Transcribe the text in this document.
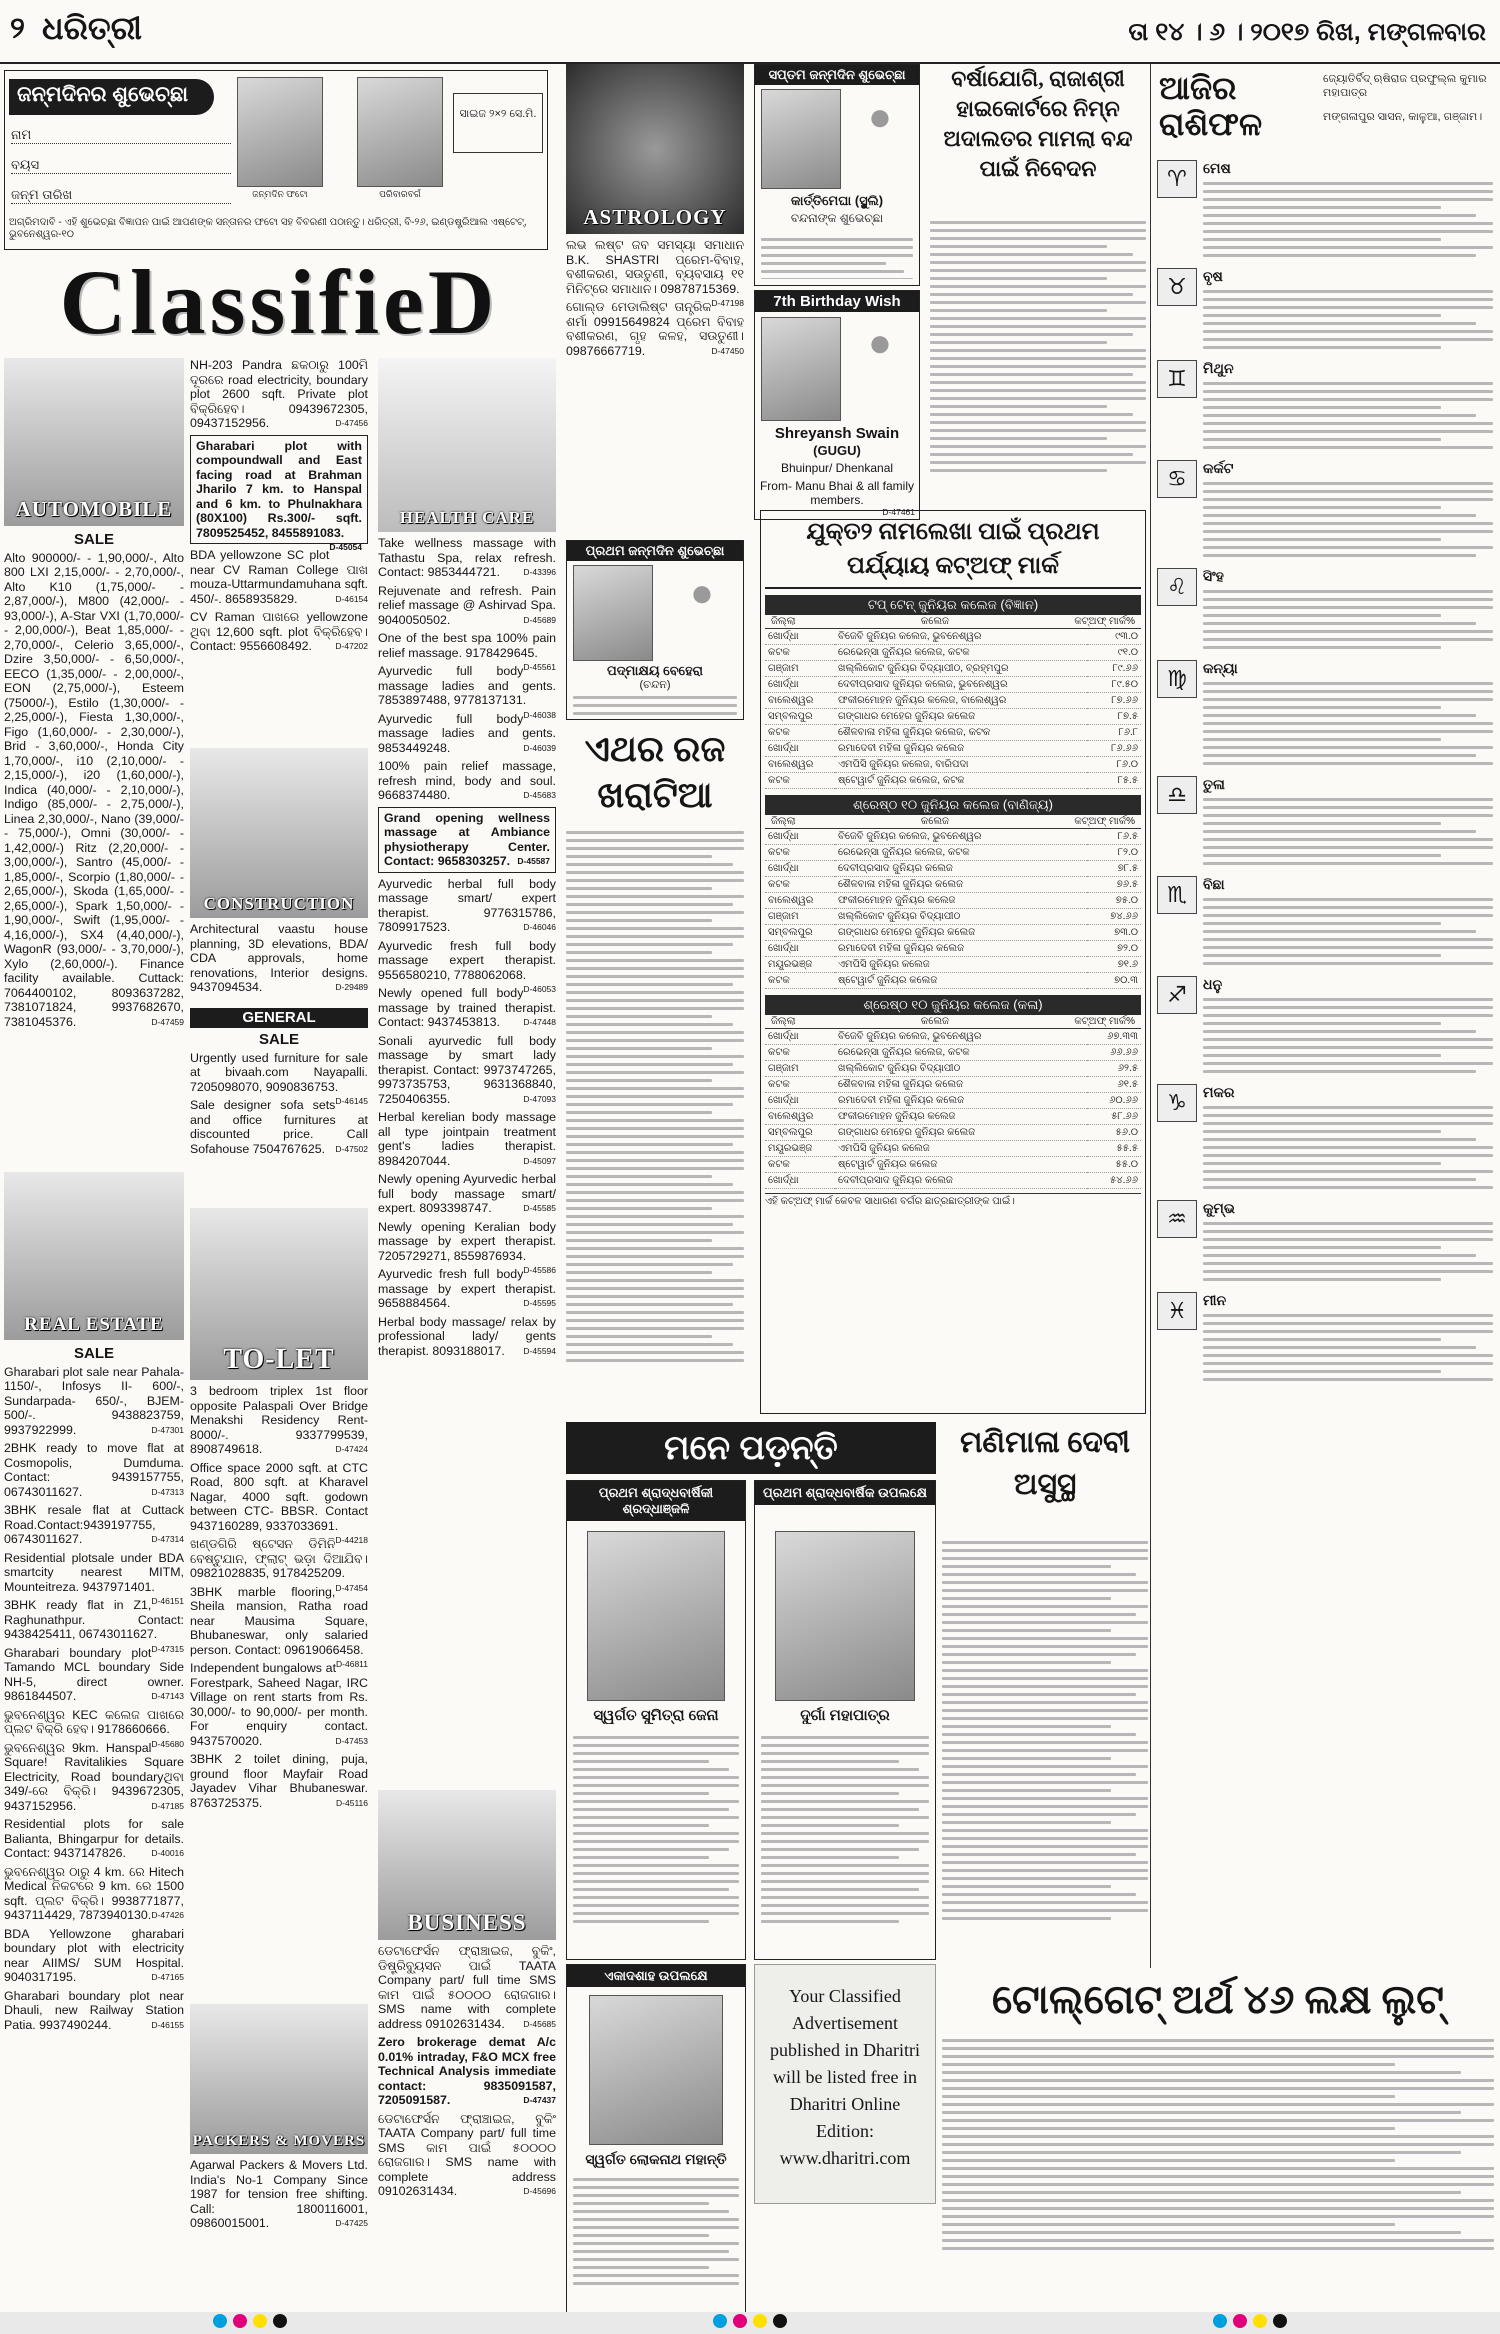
୨ ଧରିତ୍ରୀ	ତା ୧୪ । ୬ । ୨୦୧୭ ରିଖ, ମଙ୍ଗଳବାର
ଜନ୍ମଦିନର ଶୁଭେଚ୍ଛା
ନାମ
ବୟସ
ଜନ୍ମ ତାରିଖ	ଜନ୍ମଦିନ ଫଟୋ	ପରିବାରବର୍ଗ
ସାଇଜ ୨×୨ ସେ.ମି.
ଅଗ୍ରିମଦାବି - ଏହି ଶୁଭେଚ୍ଛା ବିଜ୍ଞାପନ ପାଇଁ ଆପଣଙ୍କ ସନ୍ତାନର ଫଟୋ ସହ ବିବରଣୀ ପଠାନ୍ତୁ। ଧରିତ୍ରୀ, ବି-୨୬, ଇଣ୍ଡଷ୍ଟ୍ରିଆଲ ଏଷ୍ଟେଟ୍, ଭୁବନେଶ୍ୱର-୧୦
ClassifieD
AUTOMOBILE
SALE

Alto 900000/- - 1,90,000/-, Alto 800 LXI 2,15,000/- - 2,70,000/-, Alto K10 (1,75,000/- - 2,87,000/-), M800 (42,000/- - 93,000/-), A-Star VXI (1,70,000/- - 2,00,000/-), Beat 1,85,000/- - 2,70,000/-, Celerio 3,65,000/-, Dzire 3,50,000/- - 6,50,000/-, EECO (1,35,000/- - 2,00,000/-, EON (2,75,000/-), Esteem (75000/-), Estilo (1,30,000/- - 2,25,000/-), Fiesta 1,30,000/-, Figo (1,60,000/- - 2,30,000/-), Brid - 3,60,000/-, Honda City 1,70,000/-, i10 (2,10,000/- - 2,15,000/-), i20 (1,60,000/-), Indica (40,000/- - 2,10,000/-), Indigo (85,000/- - 2,75,000/-), Linea 2,30,000/-, Nano (39,000/- - 75,000/-), Omni (30,000/- - 1,42,000/-) Ritz (2,20,000/- - 3,00,000/-), Santro (45,000/- - 1,85,000/-, Scorpio (1,80,000/- - 2,65,000/-), Skoda (1,65,000/- - 2,65,000/-), Spark 1,50,000/- - 1,90,000/-, Swift (1,95,000/- - 4,16,000/-), SX4 (4,40,000/-), WagonR (93,000/- - 3,70,000/-), Xylo (2,60,000/-). Finance facility available. Cuttack: 7064400102, 8093637282, 7381071824, 9937682670, 7381045376.	D-47459

REAL ESTATE
SALE

Gharabari plot sale near Pahala- 1150/-, Infosys II- 600/-, Sundarpada- 650/-, BJEM- 500/-. 9438823759, 9937922999.	D-47301

2BHK ready to move flat at Cosmopolis, Dumduma. Contact: 9439157755, 06743011627.	D-47313

3BHK resale flat at Cuttack Road.Contact:9439197755, 06743011627.	D-47314

Residential plotsale under BDA smartcity nearest MITM, Mounteitreza. 9437971401.
D-46151

3BHK ready flat in Z1, Raghunathpur. Contact: 9438425411, 06743011627.
D-47315

Gharabari boundary plot Tamando MCL boundary Side NH-5, direct owner. 9861844507.	D-47143

ଭୁବନେଶ୍ୱର KEC କଲେଜ ପାଖରେ ପ୍ଲଟ ବିକ୍ରି ହେବ। 9178660666.
D-45680

ଭୁବନେଶ୍ୱର 9km. Hanspal Square! Ravitalikies Square Electricity, Road boundaryଥିବା 349/-ରେ ବିକ୍ରି। 9439672305, 9437152956.	D-47185

Residential plots for sale Balianta, Bhingarpur for details. Contact: 9437147826.	D-40016

ଭୁବନେଶ୍ୱର ଠାରୁ 4 km. ରେ Hitech Medical ନିକଟରେ 9 km. ରେ 1500 sqft. ପ୍ଲଟ ବିକ୍ରି। 9938771877, 9437114429, 7873940130. D-47426

BDA Yellowzone gharabari boundary plot with electricity near AIIMS/ SUM Hospital. 9040317195.	D-47165

Gharabari boundary plot near Dhauli, new Railway Station Patia. 9937490244.	D-46155

NH-203 Pandra ଛକଠାରୁ 100ମି ଦୂରରେ road electricity, boundary plot 2600 sqft. Private plot ବିକ୍ରିହେବ। 09439672305, 09437152956.	D-47456

Gharabari plot with compoundwall and East facing road at Brahman Jharilo 7 km. to Hanspal and 6 km. to Phulnakhara (80X100) Rs.300/- sqft. 7809525452, 8455891083.
D-45054

BDA yellowzone SC plot near CV Raman College ପାଖ mouza-Uttarmundamuhana sqft. 450/-. 8658935829.	D-46154

CV Raman ପାଖରେ yellowzone ଥିବା 12,600 sqft. plot ବିକ୍ରିହେବ। Contact: 9556608492.	D-47202

CONSTRUCTION

Architectural vaastu house planning, 3D elevations, BDA/ CDA approvals, home renovations, Interior designs. 9437094534.	D-29489

GENERAL
SALE

Urgently used furniture for sale at bivaah.com Nayapalli. 7205098070, 9090836753.
D-46145

Sale designer sofa sets and office furnitures at discounted price. Call Sofahouse 7504767625. D-47502

TO-LET

3 bedroom triplex 1st floor opposite Palaspali Over Bridge Menakshi Residency Rent-8000/-. 9337799539, 8908749618.	D-47424

Office space 2000 sqft. at CTC Road, 800 sqft. at Kharavel Nagar, 4000 sqft. godown between CTC- BBSR. Contact 9437160289, 9337033691.
D-44218

ଖଣ୍ଡଗିରି ଷ୍ଟେସନ ଡିମିନି ବେଷ୍ଟୁଯାନ, ଫ୍ଲାଟ୍ ଭଡ଼ା ଦିଆଯିବ। 09821028835, 9178425209.
D-47454

3BHK marble flooring, Sheila mansion, Ratha road near Mausima Square, Bhubaneswar, only salaried person. Contact: 09619066458.
D-46811

Independent bungalows at Forestpark, Saheed Nagar, IRC Village on rent starts from Rs. 30,000/- to 90,000/- per month. For enquiry contact. 9437570020.	D-47453

3BHK 2 toilet dining, puja, ground floor Mayfair Road Jayadev Vihar Bhubaneswar. 8763725375.	D-45116

PACKERS & MOVERS

Agarwal Packers & Movers Ltd. India's No-1 Company Since 1987 for tension free shifting. Call: 1800116001, 09860015001.	D-47425

HEALTH CARE

Take wellness massage with Tathastu Spa, relax refresh. Contact: 9853444721.	D-43396

Rejuvenate and refresh. Pain relief massage @ Ashirvad Spa. 9040050502.	D-45689

One of the best spa 100% pain relief massage. 9178429645.
D-45561

Ayurvedic full body massage ladies and gents. 7853897488, 9778137131.
D-46038

Ayurvedic full body massage ladies and gents. 9853449248.	D-46039

100% pain relief massage, refresh mind, body and soul. 9668374480.	D-45683

Grand opening wellness massage at Ambiance physiotherapy Center. Contact: 9658303257. D-45587

Ayurvedic herbal full body massage smart/ expert therapist. 9776315786, 7809917523.	D-46046

Ayurvedic fresh full body massage expert therapist. 9556580210, 7788062068.
D-46053

Newly opened full body massage by trained therapist. Contact: 9437453813.	D-47448

Sonali ayurvedic full body massage by smart lady therapist. Contact: 9973747265, 9973735753, 9631368840, 7250406355.	D-47093

Herbal kerelian body massage all type jointpain treatment gent's ladies therapist. 8984207044.	D-45097

Newly opening Ayurvedic herbal full body massage smart/ expert. 8093398747.	D-45585

Newly opening Keralian body massage by expert therapist. 7205729271, 8559876934.
D-45586

Ayurvedic fresh full body massage by expert therapist. 9658884564.	D-45595

Herbal body massage/ relax by professional lady/ gents therapist. 8093188017. D-45594

BUSINESS

ଡେଟାଫେର୍ସନ ଫ୍ରାଞ୍ଚାଇଜ, ବୁକିଂ, ଡିଷ୍ଟ୍ରିବ୍ୟୁସନ ପାଇଁ TAATA Company part/ full time SMS କାମ ପାଇଁ ୫୦୦୦୦ ରୋଜଗାର। SMS name with complete address 09102631434. D-45685

Zero brokerage demat A/c 0.01% intraday, F&O MCX free Technical Analysis immediate contact: 9835091587, 7205091587.	D-47437

ଡେଟାଫେର୍ସନ ଫ୍ରାଞ୍ଚାଇଜ, ବୁକିଂ TAATA Company part/ full time SMS କାମ ପାଇଁ ୫୦୦୦୦ ରୋଜଗାର। SMS name with complete address 09102631434.	D-45696

ASTROLOGY

ଲଭ ଲଷ୍ଟ ଜବ ସମସ୍ୟା ସମାଧାନ B.K. SHASTRI ପ୍ରେମ-ବିବାହ, ବଶୀକରଣ, ସଉତୁଣୀ, ବ୍ୟବସାୟ ୧୧ ମିନିଟ୍‌ରେ ସମାଧାନ। 09878715369.
D-47198

ଗୋଲ୍ଡ ମେଡାଲିଷ୍ଟ ତାନ୍ତ୍ରିକ ଶର୍ମା 09915649824 ପ୍ରେମ ବିବାହ ବଶୀକରଣ, ଗୃହ କଳହ, ସଉତୁଣୀ। 09876667719.	D-47450

ସପ୍ତମ ଜନ୍ମଦିନ ଶୁଭେଚ୍ଛା
●
କାର୍ତ୍ତିମେଘା (ସ୍ଥୁଲି)
ବନ୍ଦନାଙ୍କ ଶୁଭେଚ୍ଛା
7th Birthday Wish
●
Shreyansh Swain
(GUGU)
Bhuinpur/ Dhenkanal
From- Manu Bhai & all family members.
D-47461
ପ୍ରଥମ ଜନ୍ମଦିନ ଶୁଭେଚ୍ଛା
●
ପଦ୍ମାକ୍ଷୟ ବେହେରା
(ଚନ୍ଦନ)
ଏଥର ରଜ ଖରାଟିଆ
ମନେ ପଡ଼ନ୍ତି
ପ୍ରଥମ ଶ୍ରାଦ୍ଧବାର୍ଷିକୀ ଶ୍ରଦ୍ଧାଞ୍ଜଳି
ସ୍ୱର୍ଗତ ସୁମିତ୍ରା ଜେନା
ପ୍ରଥମ ଶ୍ରାଦ୍ଧବାର୍ଷିକ ଉପଲକ୍ଷେ
ଦୁର୍ଗା ମହାପାତ୍ର
ଏକାଦଶାହ ଉପଲକ୍ଷେ
ସ୍ୱର୍ଗତ ଲୋକନାଥ ମହାନ୍ତି
Your Classified Advertisement published in Dharitri will be listed free in Dharitri Online Edition: www.dharitri.com
ବର୍ଷାଯୋଗି, ରାଜାଶ୍ରୀ ହାଇକୋର୍ଟରେ ନିମ୍ନ ଅଦାଲତର ମାମଲା ବନ୍ଦ ପାଇଁ ନିବେଦନ
ଯୁକ୍ତ୨ ନାମଲେଖା ପାଇଁ ପ୍ରଥମ ପର୍ଯ୍ୟାୟ କଟ୍‌ଅଫ୍ ମାର୍କ
ଟପ୍ ଟେନ୍ ଜୁନିୟର କଲେଜ (ବିଜ୍ଞାନ)
ଜିଲ୍ଲା	କଲେଜ	କଟ୍‌ଅଫ୍ ମାର୍କ%
ଖୋର୍ଦ୍ଧା	ବିଜେବି ଜୁନିୟର କଲେଜ, ଭୁବନେଶ୍ୱର	୯୩.୦
କଟକ	ରେଭେନ୍ସା ଜୁନିୟର କଲେଜ, କଟକ	୯୧.୦
ଗଞ୍ଜାମ	ଖଲ୍ଲିକୋଟ ଜୁନିୟର ବିଦ୍ୟାପୀଠ, ବ୍ରହ୍ମପୁର	୮୯.୬୬
ଖୋର୍ଦ୍ଧା	ଦେବୀପ୍ରସାଦ ଜୁନିୟର କଲେଜ, ଭୁବନେଶ୍ୱର	୮୯.୫୦
ବାଲେଶ୍ୱର	ଫକୀରମୋହନ ଜୁନିୟର କଲେଜ, ବାଲେଶ୍ୱର	୮୭.୬୬
ସମ୍ବଲପୁର	ଗଙ୍ଗାଧର ମେହେର ଜୁନିୟର କଲେଜ	୮୭.୫
କଟକ	ଶୈଳବାଳା ମହିଳା ଜୁନିୟର କଲେଜ, କଟକ	୮୬.୮
ଖୋର୍ଦ୍ଧା	ରମାଦେବୀ ମହିଳା ଜୁନିୟର କଲେଜ	୮୬.୬୬
ବାଲେଶ୍ୱର	ଏମପିସି ଜୁନିୟର କଲେଜ, ବାରିପଦା	୮୬.୦
କଟକ	ଷ୍ଟେୱାର୍ଟ ଜୁନିୟର କଲେଜ, କଟକ	୮୫.୫
ଶ୍ରେଷ୍ଠ ୧୦ ଜୁନିୟର କଲେଜ (ବାଣିଜ୍ୟ)
ଜିଲ୍ଲା	କଲେଜ	କଟ୍‌ଅଫ୍ ମାର୍କ%
ଖୋର୍ଦ୍ଧା	ବିଜେବି ଜୁନିୟର କଲେଜ, ଭୁବନେଶ୍ୱର	୮୬.୫
କଟକ	ରେଭେନ୍ସା ଜୁନିୟର କଲେଜ, କଟକ	୮୨.୦
ଖୋର୍ଦ୍ଧା	ଦେବୀପ୍ରସାଦ ଜୁନିୟର କଲେଜ	୭୮.୫
କଟକ	ଶୈଳବାଳା ମହିଳା ଜୁନିୟର କଲେଜ	୭୬.୫
ବାଲେଶ୍ୱର	ଫକୀରମୋହନ ଜୁନିୟର କଲେଜ	୭୫.୦
ଗଞ୍ଜାମ	ଖଲ୍ଲିକୋଟ ଜୁନିୟର ବିଦ୍ୟାପୀଠ	୭୪.୬୬
ସମ୍ବଲପୁର	ଗଙ୍ଗାଧର ମେହେର ଜୁନିୟର କଲେଜ	୭୩.୦
ଖୋର୍ଦ୍ଧା	ରମାଦେବୀ ମହିଳା ଜୁନିୟର କଲେଜ	୭୨.୦
ମୟୂରଭଞ୍ଜ	ଏମପିସି ଜୁନିୟର କଲେଜ	୭୧.୬
କଟକ	ଷ୍ଟେୱାର୍ଟ ଜୁନିୟର କଲେଜ	୭୦.୩
ଶ୍ରେଷ୍ଠ ୧୦ ଜୁନିୟର କଲେଜ (କଳା)
ଜିଲ୍ଲା	କଲେଜ	କଟ୍‌ଅଫ୍ ମାର୍କ%
ଖୋର୍ଦ୍ଧା	ବିଜେବି ଜୁନିୟର କଲେଜ, ଭୁବନେଶ୍ୱର	୬୭.୩୩
କଟକ	ରେଭେନ୍ସା ଜୁନିୟର କଲେଜ, କଟକ	୬୬.୬୬
ଗଞ୍ଜାମ	ଖଲ୍ଲିକୋଟ ଜୁନିୟର ବିଦ୍ୟାପୀଠ	୬୨.୫
କଟକ	ଶୈଳବାଳା ମହିଳା ଜୁନିୟର କଲେଜ	୬୧.୫
ଖୋର୍ଦ୍ଧା	ରମାଦେବୀ ମହିଳା ଜୁନିୟର କଲେଜ	୬୦.୬୬
ବାଲେଶ୍ୱର	ଫକୀରମୋହନ ଜୁନିୟର କଲେଜ	୫୮.୬୬
ସମ୍ବଲପୁର	ଗଙ୍ଗାଧର ମେହେର ଜୁନିୟର କଲେଜ	୫୬.୦
ମୟୂରଭଞ୍ଜ	ଏମପିସି ଜୁନିୟର କଲେଜ	୫୫.୫
କଟକ	ଷ୍ଟେୱାର୍ଟ ଜୁନିୟର କଲେଜ	୫୫.୦
ଖୋର୍ଦ୍ଧା	ଦେବୀପ୍ରସାଦ ଜୁନିୟର କଲେଜ	୫୪.୬୬
ଏହି କଟ୍‌ଅଫ୍ ମାର୍କ କେବଳ ସାଧାରଣ ବର୍ଗର ଛାତ୍ରଛାତ୍ରୀଙ୍କ ପାଇଁ।
ମଣିମାଳା ଦେବୀ ଅସୁସ୍ଥ
ଟୋଲ୍‌ଗେଟ୍ ଅର୍ଥ ୪୬ ଲକ୍ଷ ଲୁଟ୍
ଆଜିର ରାଶିଫଳ
ଜ୍ୟୋତିର୍ବିଦ୍ ଋଷିରାଜ ପ୍ରଫୁଲ୍ଲ କୁମାର ମହାପାତ୍ର
ମଙ୍ଗଳାପୁର ସାସନ, କାଳୁଆ, ଗଞ୍ଜାମ।
♈	ମେଷ
♉	ବୃଷ
♊	ମିଥୁନ
♋	କର୍କଟ
♌	ସିଂହ
♍	କନ୍ୟା
♎	ତୁଳା
♏	ବିଛା
♐	ଧନୁ
♑	ମକର
♒	କୁମ୍ଭ
♓	ମୀନ
